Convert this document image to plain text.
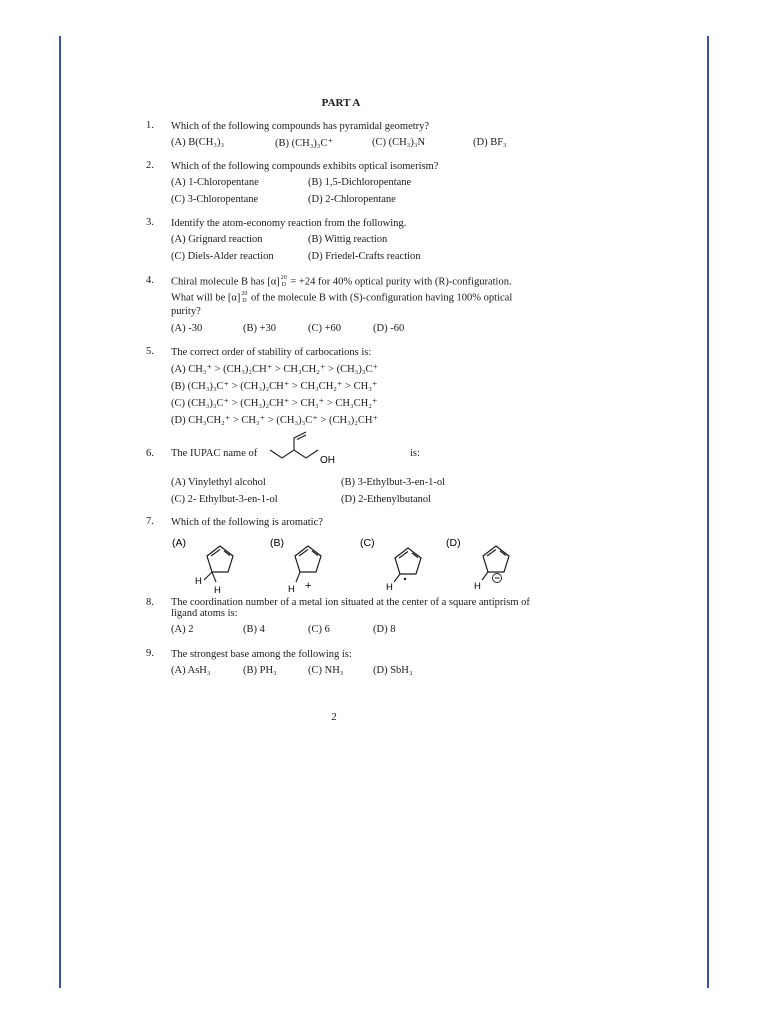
PART A
1. Which of the following compounds has pyramidal geometry?
(A) B(CH₃)₃	(B) (CH₃)₃C⁺	(C) (CH₃)₃N	(D) BF₃
2. Which of the following compounds exhibits optical isomerism?
(A) 1-Chloropentane	(B) 1,5-Dichloropentane
(C) 3-Chloropentane	(D) 2-Chloropentane
3. Identify the atom-economy reaction from the following.
(A) Grignard reaction	(B) Wittig reaction
(C) Diels-Alder reaction	(D) Friedel-Crafts reaction
4. Chiral molecule B has [α] 20
D = +24 for 40% optical purity with (R)-configuration.
What will be [α] 20
D of the molecule B with (S)-configuration having 100% optical
purity?
(A) -30	(B) +30	(C) +60	(D) -60
5. The correct order of stability of carbocations is:
(A) CH₃⁺ > (CH₃)₂CH⁺ > CH₃CH₂⁺ > (CH₃)₃C⁺
(B) (CH₃)₃C⁺ > (CH₃)₂CH⁺ > CH₃CH₂⁺ > CH₃⁺
(C) (CH₃)₃C⁺ > (CH₃)₂CH⁺ > CH₃⁺ > CH₃CH₂⁺
(D) CH₃CH₂⁺ > CH₃⁺ > (CH₃)₃C⁺ > (CH₃)₂CH⁺
6. The IUPAC name of
OH
is:
(A) Vinylethyl alcohol	(B) 3-Ethylbut-3-en-1-ol
(C) 2- Ethylbut-3-en-1-ol	(D) 2-Ethenylbutanol
7. Which of the following is aromatic?
(A)
H
H
(B)
H +
(C)
H
(D)
H
8. The coordination number of a metal ion situated at the center of a square antiprism of ligand atoms is:
(A) 2	(B) 4	(C) 6	(D) 8
9. The strongest base among the following is:
(A) AsH₃	(B) PH₃	(C) NH₃	(D) SbH₃
2
